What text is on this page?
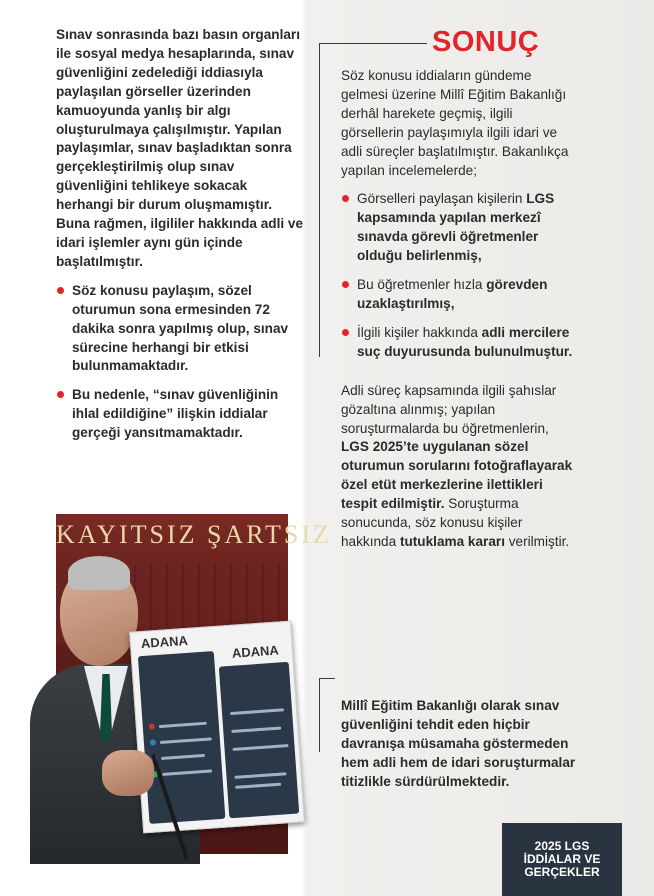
Sınav sonrasında bazı basın organları ile sosyal medya hesaplarında, sınav güvenliğini zedelediği iddiasıyla paylaşılan görseller üzerinden kamuoyunda yanlış bir algı oluşturulmaya çalışılmıştır. Yapılan paylaşımlar, sınav başladıktan sonra gerçekleştirilmiş olup sınav güvenliğini tehlikeye sokacak herhangi bir durum oluşmamıştır. Buna rağmen, ilgililer hakkında adli ve idari işlemler aynı gün içinde başlatılmıştır.

Söz konusu paylaşım, sözel oturumun sona ermesinden 72 dakika sonra yapılmış olup, sınav sürecine herhangi bir etkisi bulunmamaktadır.

Bu nedenle, “sınav güvenliğinin ihlal edildiğine” ilişkin iddialar gerçeği yansıtmamaktadır.

KAYITSIZ ŞARTSIZ
ADANA
ADANA
SONUÇ

Söz konusu iddiaların gündeme gelmesi üzerine Millî Eğitim Bakanlığı derhâl harekete geçmiş, ilgili görsellerin paylaşımıyla ilgili idari ve adli süreçler başlatılmıştır. Bakanlıkça yapılan incelemelerde;

Görselleri paylaşan kişilerin LGS kapsamında yapılan merkezî sınavda görevli öğretmenler olduğu belirlenmiş,

Bu öğretmenler hızla görevden uzaklaştırılmış,

İlgili kişiler hakkında adli mercilere suç duyurusunda bulunulmuştur.

Adli süreç kapsamında ilgili şahıslar gözaltına alınmış; yapılan soruşturmalarda bu öğretmenlerin, LGS 2025’te uygulanan sözel oturumun sorularını fotoğraflayarak özel etüt merkezlerine ilettikleri tespit edilmiştir. Soruşturma sonucunda, söz konusu kişiler hakkında tutuklama kararı verilmiştir.

Millî Eğitim Bakanlığı olarak sınav güvenliğini tehdit eden hiçbir davranışa müsamaha göstermeden hem adli hem de idari soruşturmalar titizlikle sürdürülmektedir.
2025 LGS
İDDİALAR VE
GERÇEKLER
